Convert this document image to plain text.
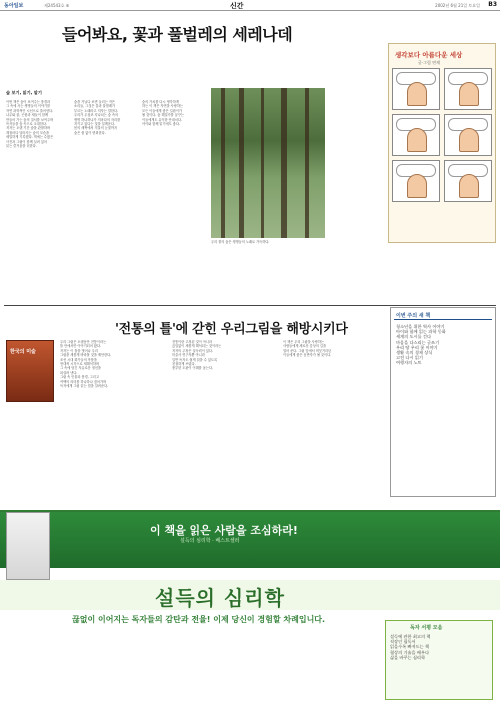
동아일보	제24543호 ⑥	신간	2002년 6월 21일 토요일 B3
들어봐요, 꽃과 풀벌레의 세레나데
숲 보기, 읽기, 알기
이번 책은 숲이 보여주는 풍경과
그 속에 사는 생명들의 이야기를
자연 과학적인 시선으로 풀어낸다.
나무와 풀, 곤충과 새들이 함께
만들어 가는 숲의 질서를 보여주며
독자들을 숲 속으로 초대한다.
저자는 오랜 기간 숲을 관찰하며
계절마다 달라지는 숲의 모습을
세밀하게 기록했다. 책에는 수많은
사진과 그림이 함께 실려 있어
읽는 즐거움을 더한다.
숲을 거닐다 보면 들리는 작은
소리들, 그것은 꽃과 풀벌레가
부르는 노래라고 저자는 말한다.
우리가 무심코 지나치는 숲 속의
생명 하나하나가 저마다의 자리를
지키고 있다는 것을 일깨운다.
봄의 새싹에서 겨울의 눈꽃까지
숲은 쉼 없이 변화한다.
숲의 가치를 다시 생각하게
하는 이 책은 자연을 사랑하는
모든 이들에게 좋은 길잡이가
될 것이다. 숲 해설가를 꿈꾸는
이들에게도 유익한 안내서다.
아이와 함께 읽기에도 좋다.
우리 곁의 숲은 생명들의 노래로 가득하다.
생각보다 아름다운 세상
글·그림 연재
'전통의 틀'에 갇힌 우리그림을 해방시키다
한국의 미술
우리 그림은 오랫동안 전통이라는
틀 안에서만 이야기되어 왔다.
저자는 이 틀을 벗어나 우리
그림을 새롭게 바라볼 것을 제안한다.
조선 시대 화가들의 작품을
현대적 시각으로 재해석하며
그 속에 담긴 자유로운 정신을
되살려 낸다.
그림 속 인물과 풍경, 그리고
여백의 의미를 하나하나 짚어가며
독자에게 그림 읽는 법을 알려준다.
전통이란 고정된 것이 아니라
끊임없이 새롭게 해석되는 것이라는
저자의 주장은 설득력이 있다.
미술사 연구자뿐 아니라
일반 독자도 쉽게 읽을 수 있도록
친절하게 쓰였다.
풍부한 도판이 이해를 돕는다.
이 책은 우리 그림을 사랑하는
사람들에게 새로운 감상의 길을
열어 준다. 그림 앞에서 머뭇거리던
이들에게 좋은 동반자가 될 것이다.
이번 주의 새 책
청소년을 위한 역사 이야기
아이와 함께 읽는 과학 동화
세계의 도시를 걷다
마음을 다스리는 글쓰기
우리 땅 우리 꽃 이야기
생활 속의 경제 상식
고전 다시 읽기
여행자의 노트
이 책을 읽은 사람을 조심하라!
설득의 심리학 · 베스트셀러
설득의 심리학
끊없이 이어지는 독자들의 감탄과 전율! 이제 당신이 경험할 차례입니다.
독자 서평 모음
설득에 관한 최고의 책
직장인 필독서
읽을수록 빠져드는 책
협상의 기술을 배우다
삶을 바꾸는 심리학
